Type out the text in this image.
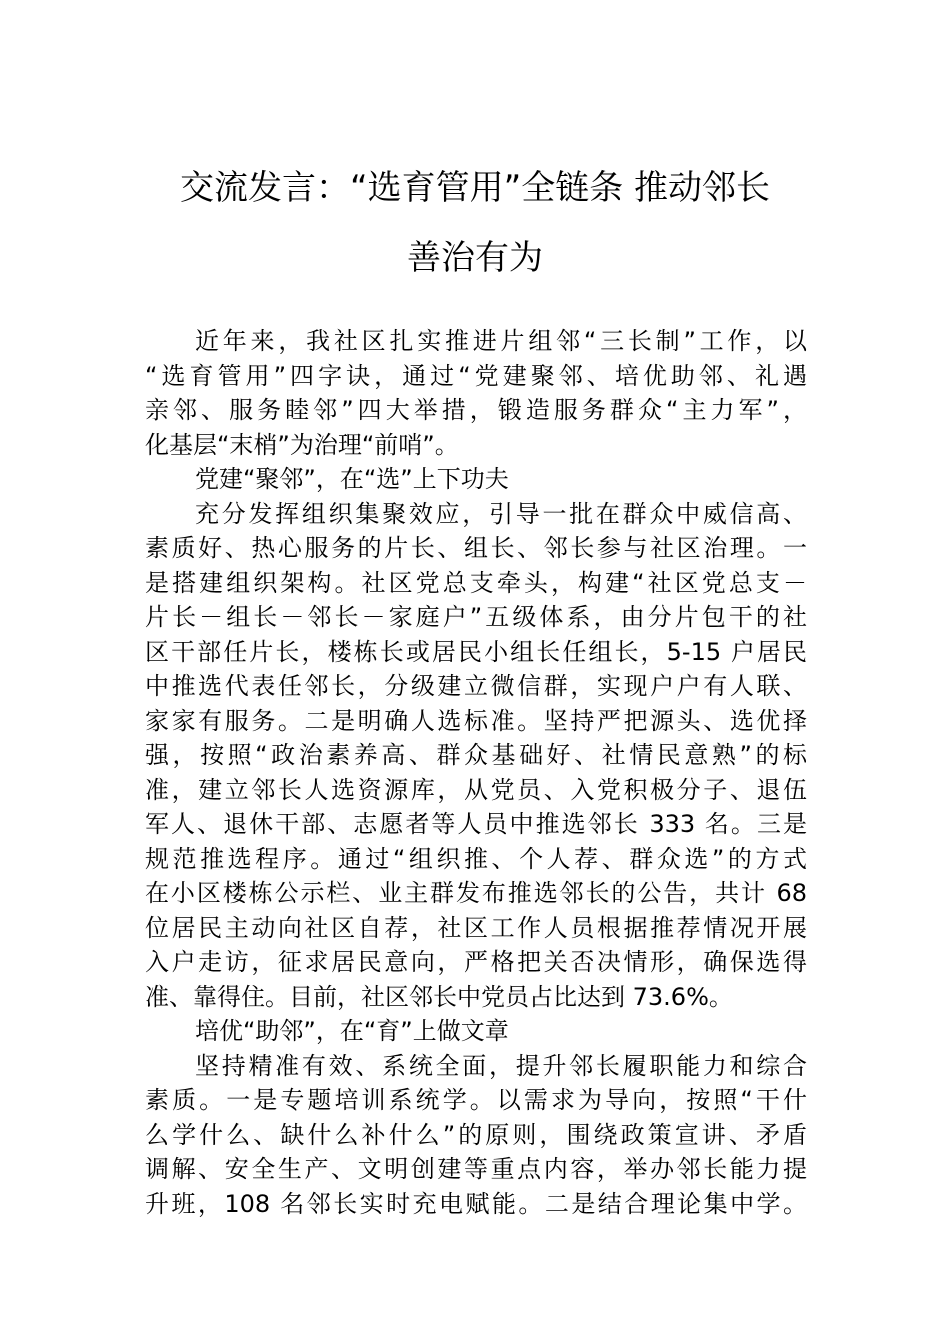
交流发言：“选育管用”全链条 推动邻长
善治有为
近年来，我社区扎实推进片组邻“三长制”工作，以
“选育管用”四字诀，通过“党建聚邻、培优助邻、礼遇
亲邻、服务睦邻”四大举措，锻造服务群众“主力军”，
化基层“末梢”为治理“前哨”。
党建“聚邻”，在“选”上下功夫
充分发挥组织集聚效应，引导一批在群众中威信高、
素质好、热心服务的片长、组长、邻长参与社区治理。一
是搭建组织架构。社区党总支牵头，构建“社区党总支－
片长－组长－邻长－家庭户”五级体系，由分片包干的社
区干部任片长，楼栋长或居民小组长任组长，5-15 户居民
中推选代表任邻长，分级建立微信群，实现户户有人联、
家家有服务。二是明确人选标准。坚持严把源头、选优择
强，按照“政治素养高、群众基础好、社情民意熟”的标
准，建立邻长人选资源库，从党员、入党积极分子、退伍
军人、退休干部、志愿者等人员中推选邻长 333 名。三是
规范推选程序。通过“组织推、个人荐、群众选”的方式
在小区楼栋公示栏、业主群发布推选邻长的公告，共计 68
位居民主动向社区自荐，社区工作人员根据推荐情况开展
入户走访，征求居民意向，严格把关否决情形，确保选得
准、靠得住。目前，社区邻长中党员占比达到 73.6%。
培优“助邻”，在“育”上做文章
坚持精准有效、系统全面，提升邻长履职能力和综合
素质。一是专题培训系统学。以需求为导向，按照“干什
么学什么、缺什么补什么”的原则，围绕政策宣讲、矛盾
调解、安全生产、文明创建等重点内容，举办邻长能力提
升班，108 名邻长实时充电赋能。二是结合理论集中学。
